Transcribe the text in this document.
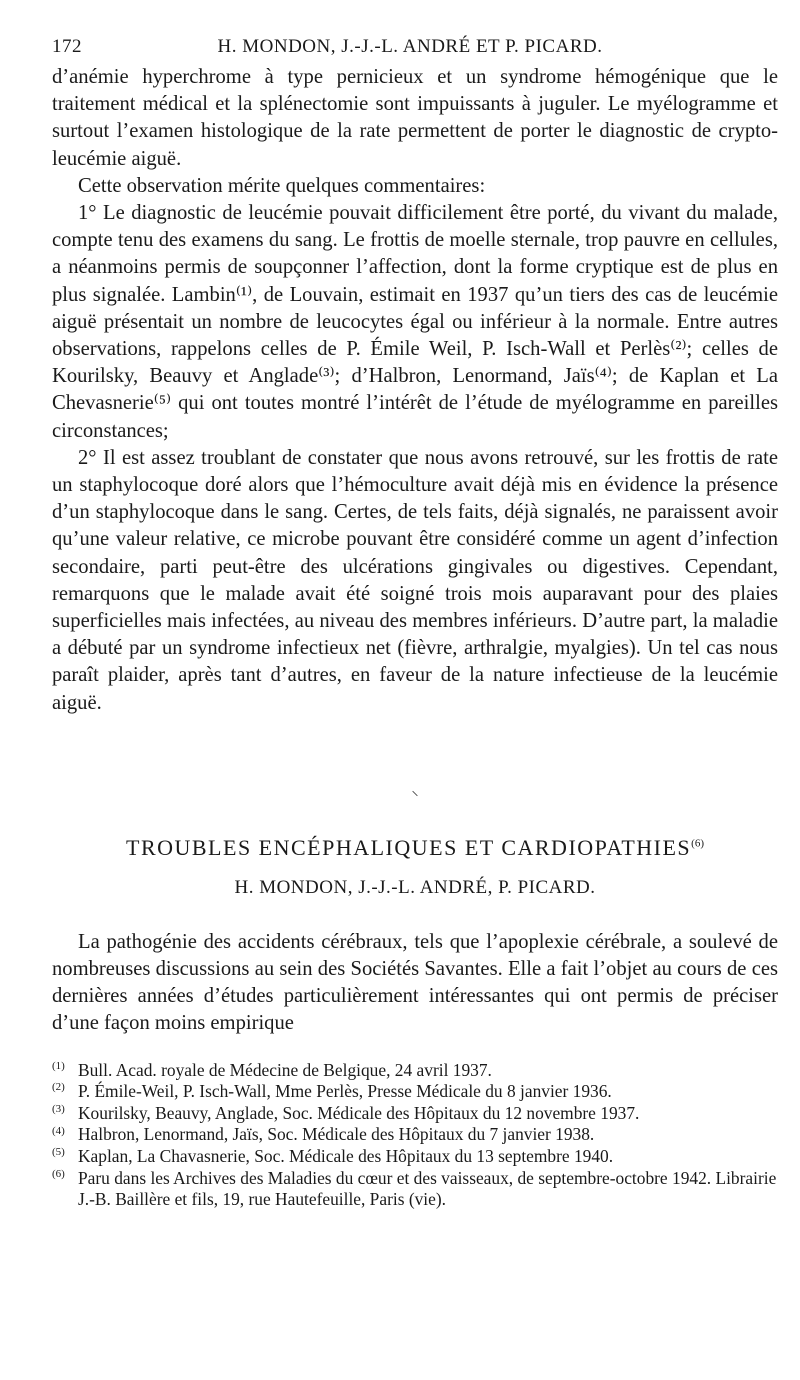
172	H. MONDON, J.-J.-L. ANDRÉ ET P. PICARD.

d’anémie hyperchrome à type pernicieux et un syndrome hémogénique que le traitement médical et la splénectomie sont impuissants à juguler. Le myélogramme et surtout l’examen histologique de la rate permettent de porter le diagnostic de crypto-leucémie aiguë.

Cette observation mérite quelques commentaires:

1° Le diagnostic de leucémie pouvait difficilement être porté, du vivant du malade, compte tenu des examens du sang. Le frottis de moelle sternale, trop pauvre en cellules, a néanmoins permis de soupçonner l’affection, dont la forme cryptique est de plus en plus signalée. Lambin⁽¹⁾, de Louvain, estimait en 1937 qu’un tiers des cas de leucémie aiguë présentait un nombre de leucocytes égal ou inférieur à la normale. Entre autres observations, rappelons celles de P. Émile Weil, P. Isch-Wall et Perlès⁽²⁾; celles de Kourilsky, Beauvy et Anglade⁽³⁾; d’Halbron, Lenormand, Jaïs⁽⁴⁾; de Kaplan et La Chevasnerie⁽⁵⁾ qui ont toutes montré l’intérêt de l’étude de myélogramme en pareilles circonstances;

2° Il est assez troublant de constater que nous avons retrouvé, sur les frottis de rate un staphylocoque doré alors que l’hémoculture avait déjà mis en évidence la présence d’un staphylocoque dans le sang. Certes, de tels faits, déjà signalés, ne paraissent avoir qu’une valeur relative, ce microbe pouvant être considéré comme un agent d’infection secondaire, parti peut-être des ulcérations gingivales ou digestives. Cependant, remarquons que le malade avait été soigné trois mois auparavant pour des plaies superficielles mais infectées, au niveau des membres inférieurs. D’autre part, la maladie a débuté par un syndrome infectieux net (fièvre, arthralgie, myalgies). Un tel cas nous paraît plaider, après tant d’autres, en faveur de la nature infectieuse de la leucémie aiguë.

⸜
TROUBLES ENCÉPHALIQUES ET CARDIOPATHIES$^{(6)}$
H. MONDON, J.-J.-L. ANDRÉ, P. PICARD.

La pathogénie des accidents cérébraux, tels que l’apoplexie cérébrale, a soulevé de nombreuses discussions au sein des Sociétés Savantes. Elle a fait l’objet au cours de ces dernières années d’études particulièrement intéressantes qui ont permis de préciser d’une façon moins empirique

(1) Bull. Acad. royale de Médecine de Belgique, 24 avril 1937.

(2) P. Émile-Weil, P. Isch-Wall, Mme Perlès, Presse Médicale du 8 janvier 1936.

(3) Kourilsky, Beauvy, Anglade, Soc. Médicale des Hôpitaux du 12 novembre 1937.

(4) Halbron, Lenormand, Jaïs, Soc. Médicale des Hôpitaux du 7 janvier 1938.

(5) Kaplan, La Chavasnerie, Soc. Médicale des Hôpitaux du 13 septembre 1940.

(6) Paru dans les Archives des Maladies du cœur et des vaisseaux, de septembre-octobre 1942. Librairie J.-B. Baillère et fils, 19, rue Hautefeuille, Paris (vie).
